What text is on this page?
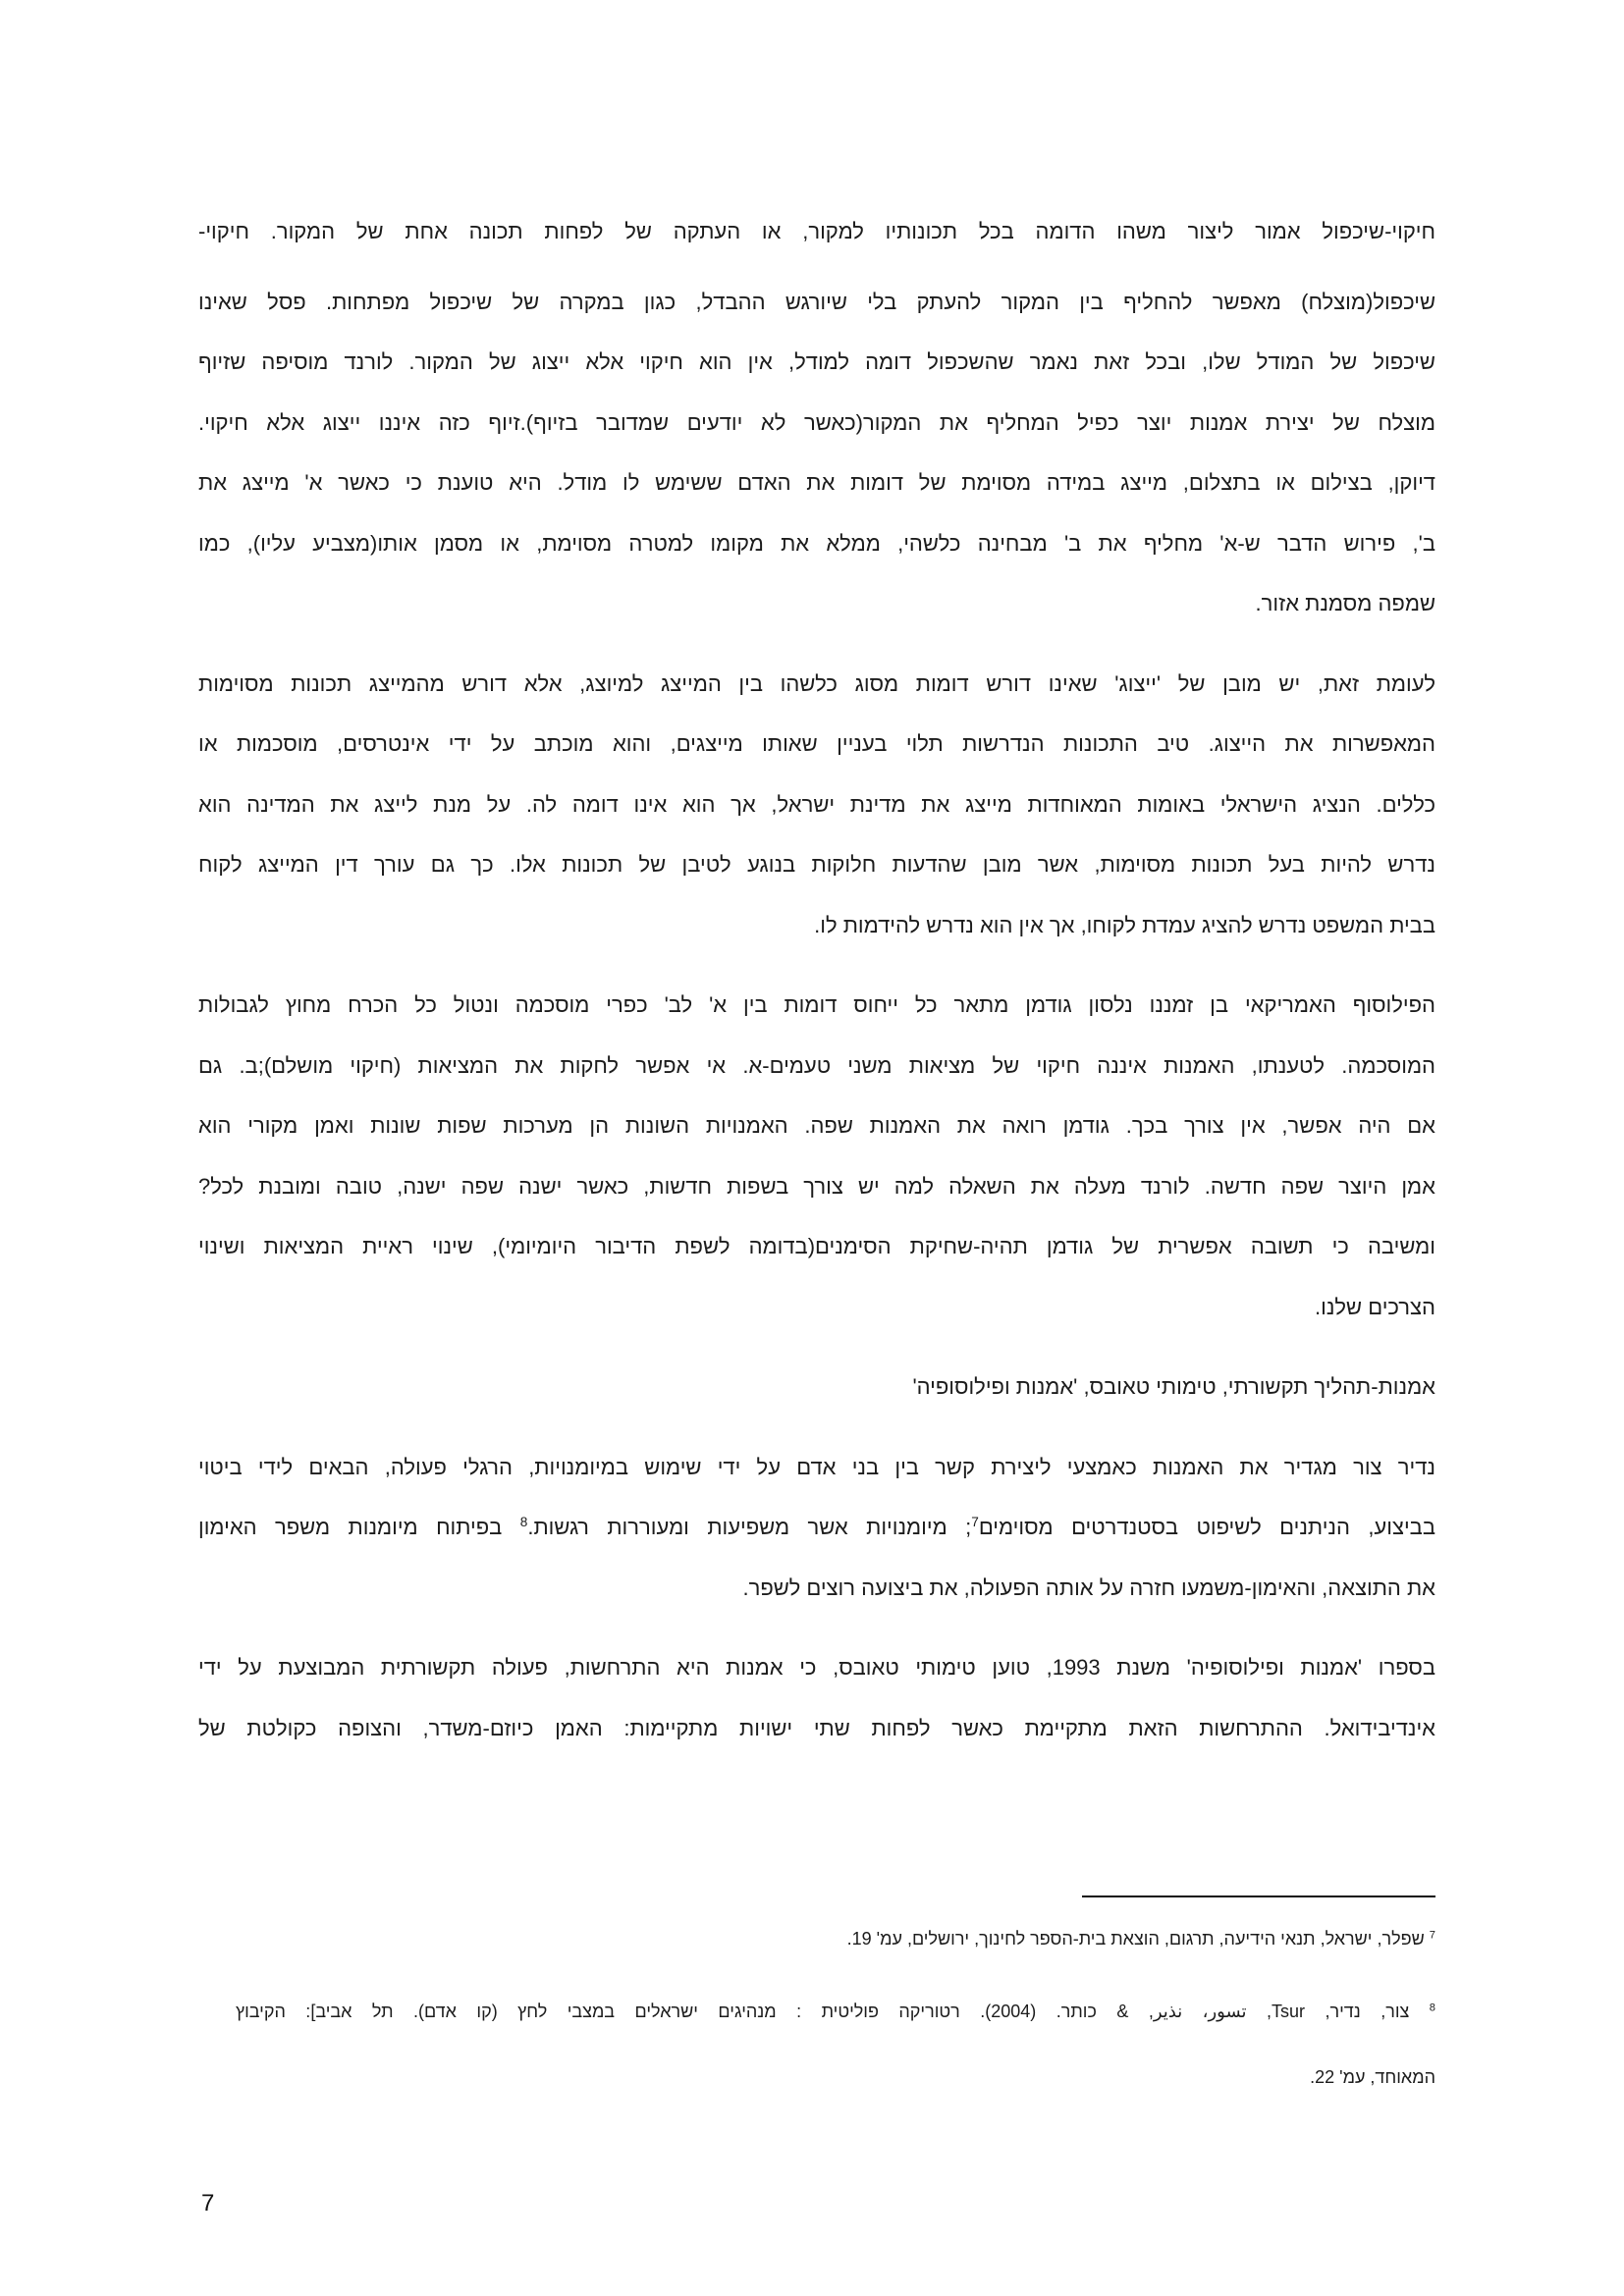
חיקוי-שיכפול אמור ליצור משהו הדומה בכל תכונותיו למקור, או העתקה של לפחות תכונה אחת של המקור. חיקוי-
שיכפול(מוצלח) מאפשר להחליף בין המקור להעתק בלי שיורגש ההבדל, כגון במקרה של שיכפול מפתחות. פסל שאינו
שיכפול של המודל שלו, ובכל זאת נאמר שהשכפול דומה למודל, אין הוא חיקוי אלא ייצוג של המקור. לורנד מוסיפה שזיוף
מוצלח של יצירת אמנות יוצר כפיל המחליף את המקור(כאשר לא יודעים שמדובר בזיוף).זיוף כזה איננו ייצוג אלא חיקוי.
דיוקן, בצילום או בתצלום, מייצג במידה מסוימת של דומות את האדם ששימש לו מודל. היא טוענת כי כאשר א' מייצג את
ב', פירוש הדבר ש-א' מחליף את ב' מבחינה כלשהי, ממלא את מקומו למטרה מסוימת, או מסמן אותו(מצביע עליו), כמו
שמפה מסמנת אזור.
לעומת זאת, יש מובן של 'ייצוג' שאינו דורש דומות מסוג כלשהו בין המייצג למיוצג, אלא דורש מהמייצג תכונות מסוימות
המאפשרות את הייצוג. טיב התכונות הנדרשות תלוי בעניין שאותו מייצגים, והוא מוכתב על ידי אינטרסים, מוסכמות או
כללים. הנציג הישראלי באומות המאוחדות מייצג את מדינת ישראל, אך הוא אינו דומה לה. על מנת לייצג את המדינה הוא
נדרש להיות בעל תכונות מסוימות, אשר מובן שהדעות חלוקות בנוגע לטיבן של תכונות אלו. כך גם עורך דין המייצג לקוח
בבית המשפט נדרש להציג עמדת לקוחו, אך אין הוא נדרש להידמות לו.
הפילוסוף האמריקאי בן זמננו נלסון גודמן מתאר כל ייחוס דומות בין א' לב' כפרי מוסכמה ונטול כל הכרח מחוץ לגבולות
המוסכמה. לטענתו, האמנות איננה חיקוי של מציאות משני טעמים-א. אי אפשר לחקות את המציאות (חיקוי מושלם);ב. גם
אם היה אפשר, אין צורך בכך. גודמן רואה את האמנות שפה. האמנויות השונות הן מערכות שפות שונות ואמן מקורי הוא
אמן היוצר שפה חדשה. לורנד מעלה את השאלה למה יש צורך בשפות חדשות, כאשר ישנה שפה ישנה, טובה ומובנת לכל?
ומשיבה כי תשובה אפשרית של גודמן תהיה-שחיקת הסימנים(בדומה לשפת הדיבור היומיומי), שינוי ראיית המציאות ושינוי
הצרכים שלנו.
אמנות-תהליך תקשורתי, טימותי טאובס, 'אמנות ופילוסופיה'
נדיר צור מגדיר את האמנות כאמצעי ליצירת קשר בין בני אדם על ידי שימוש במיומנויות, הרגלי פעולה, הבאים לידי ביטוי
בביצוע, הניתנים לשיפוט בסטנדרטים מסוימים$^7$; מיומנויות אשר משפיעות ומעוררות רגשות.$^8$ בפיתוח מיומנות משפר האימון
את התוצאה, והאימון-משמעו חזרה על אותה הפעולה, את ביצועה רוצים לשפר.
בספרו 'אמנות ופילוסופיה' משנת 1993, טוען טימותי טאובס, כי אמנות היא התרחשות, פעולה תקשורתית המבוצעת על ידי
אינדיבידואל. ההתרחשות הזאת מתקיימת כאשר לפחות שתי ישויות מתקיימות: האמן כיוזם-משדר, והצופה כקולטת של
$^7$ שפלר, ישראל, תנאי הידיעה, תרגום, הוצאת בית-הספר לחינוך, ירושלים, עמ' 19.
$^8$ צור, נדיר, Tsur, تسور، نذير, & כותר. (2004). רטוריקה פוליטית : מנהיגים ישראלים במצבי לחץ (קו אדם). תל אביב]: הקיבוץ
המאוחד, עמ' 22.
7
